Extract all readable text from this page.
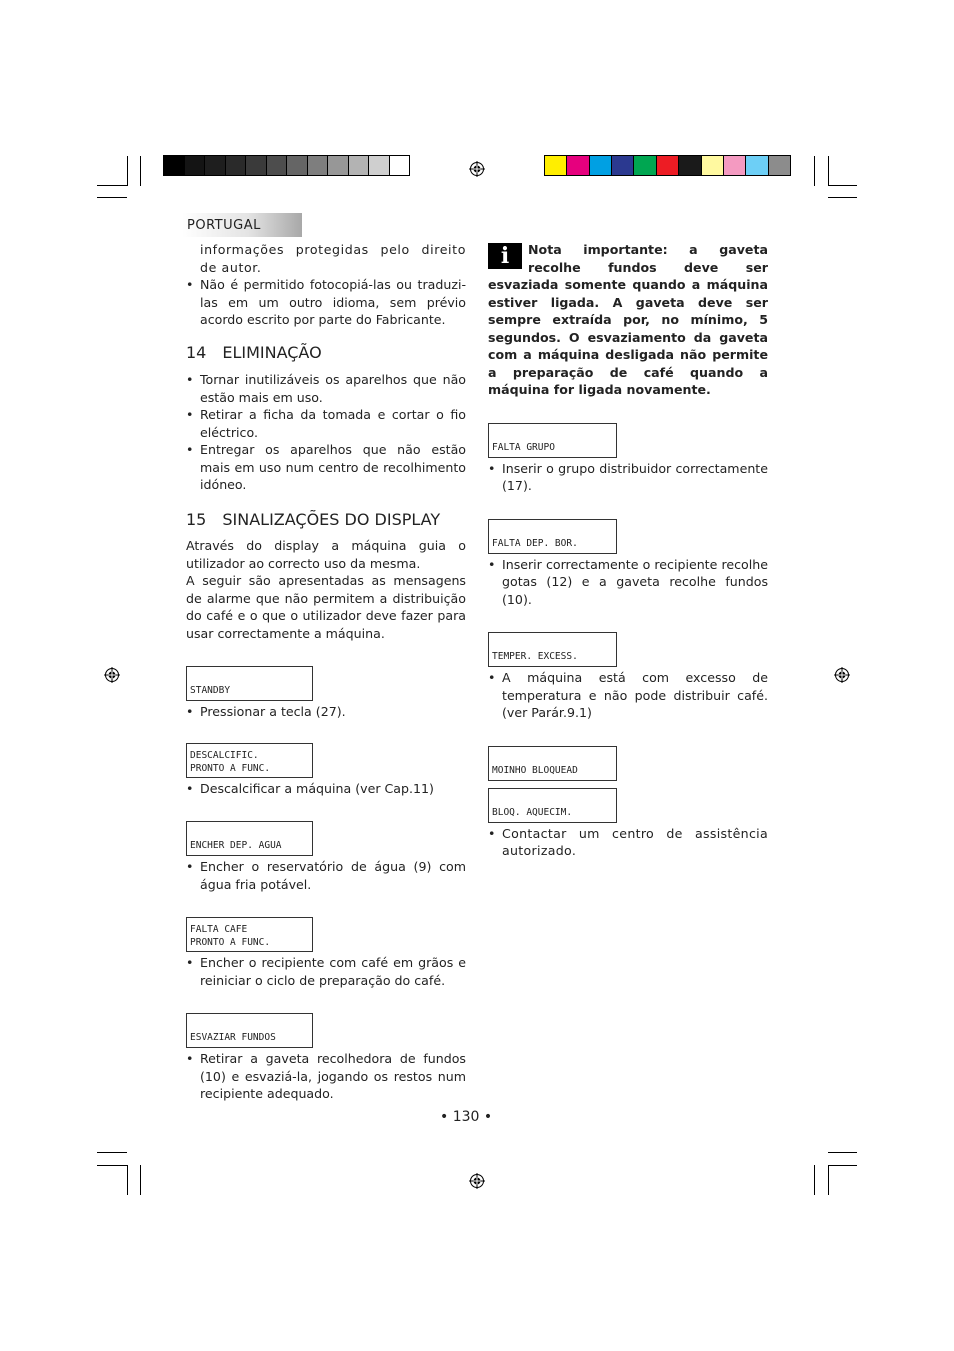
PORTUGAL

informações protegidas pelo direito de autor.

• Não é permitido fotocopiá-las ou traduzi-las em um outro idioma, sem prévio acordo escrito por parte do Fabricante.
14 ELIMINAÇÃO
• Tornar inutilizáveis os aparelhos que não estão mais em uso.
• Retirar a ficha da tomada e cortar o fio eléctrico.
• Entregar os aparelhos que não estão mais em uso num centro de recolhimento idóneo.
15 SINALIZAÇÕES DO DISPLAY

Através do display a máquina guia o utilizador ao correcto uso da mesma.

A seguir são apresentadas as mensagens de alarme que não permitem a distribuição do café e o que o utilizador deve fazer para usar correctamente a máquina.

STANDBY
• Pressionar a tecla (27).
DESCALCIFIC.
PRONTO A FUNC.
• Descalcificar a máquina (ver Cap.11)
ENCHER DEP. AGUA
• Encher o reservatório de água (9) com água fria potável.
FALTA CAFE
PRONTO A FUNC.
• Encher o recipiente com café em grãos e reiniciar o ciclo de preparação do café.
ESVAZIAR FUNDOS
• Retirar a gaveta recolhedora de fundos (10) e esvaziá-la, jogando os restos num recipiente adequado.
i	Nota importante: a gaveta recolhe fundos deve ser esvaziada somente quando a máquina estiver ligada. A gaveta deve ser sempre extraída por, no mínimo, 5 segundos. O esvaziamento da gaveta com a máquina desligada não permite a preparação de café quando a máquina for ligada novamente.

FALTA GRUPO
• Inserir o grupo distribuidor correctamente (17).
FALTA DEP. BOR.
• Inserir correctamente o recipiente recolhe gotas (12) e a gaveta recolhe fundos (10).
TEMPER. EXCESS.
• A máquina está com excesso de temperatura e não pode distribuir café. (ver Parár.9.1)
MOINHO BLOQUEAD
BLOQ. AQUECIM.
• Contactar um centro de assistência autorizado.
• 130 •
